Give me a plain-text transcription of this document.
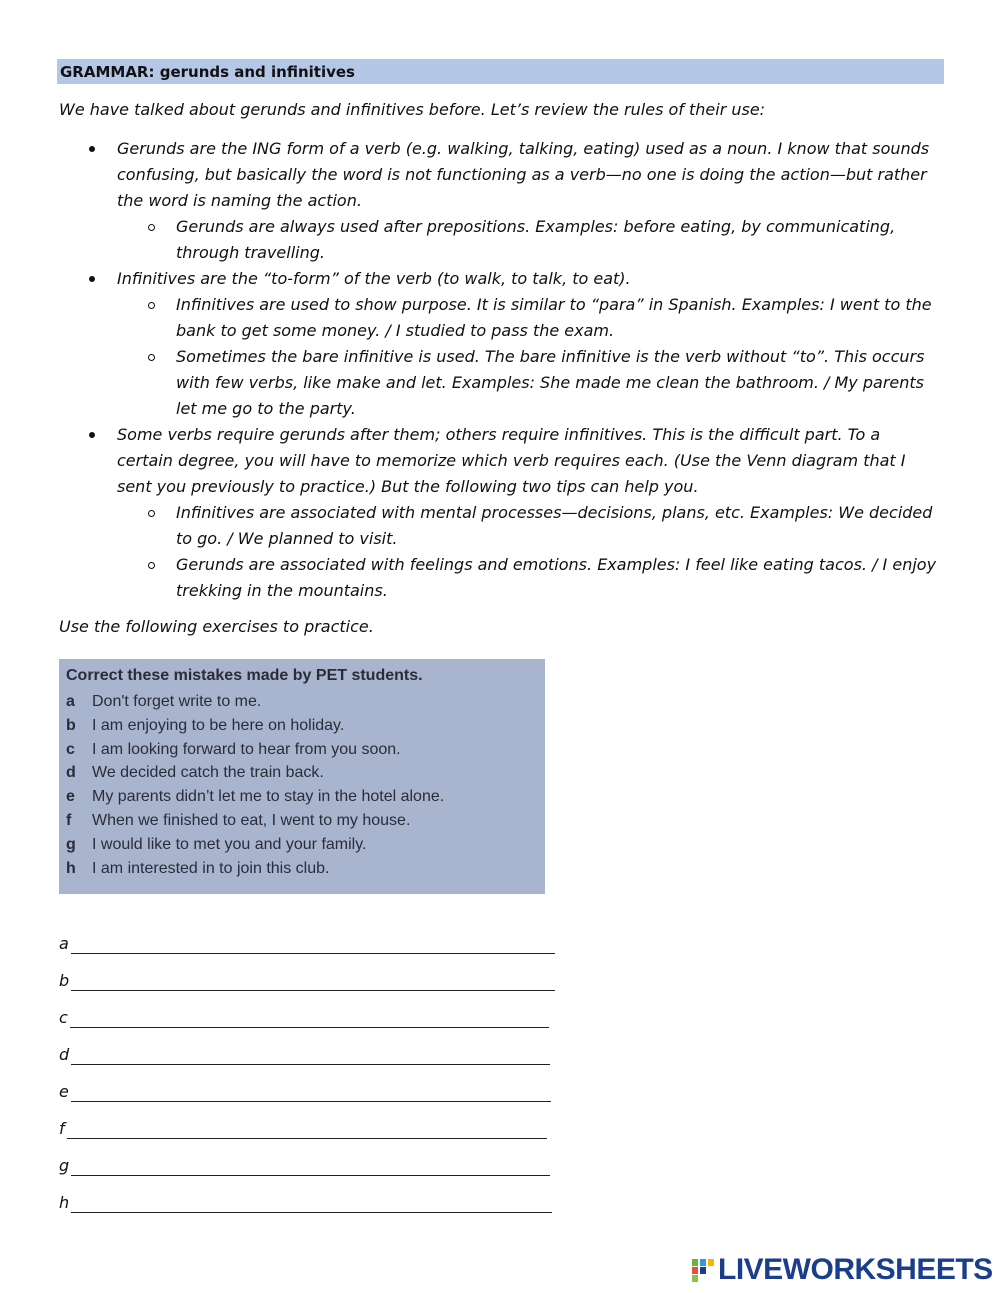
GRAMMAR: gerunds and infinitives
We have talked about gerunds and infinitives before. Let’s review the rules of their use:
Gerunds are the ING form of a verb (e.g. walking, talking, eating) used as a noun. I know that sounds confusing, but basically the word is not functioning as a verb—no one is doing the action—but rather the word is naming the action.
Gerunds are always used after prepositions. Examples: before eating, by communicating, through travelling.
Infinitives are the “to-form” of the verb (to walk, to talk, to eat).
Infinitives are used to show purpose. It is similar to “para” in Spanish. Examples: I went to the bank to get some money. / I studied to pass the exam.
Sometimes the bare infinitive is used. The bare infinitive is the verb without “to”. This occurs with few verbs, like make and let. Examples: She made me clean the bathroom. / My parents let me go to the party.
Some verbs require gerunds after them; others require infinitives. This is the difficult part. To a certain degree, you will have to memorize which verb requires each. (Use the Venn diagram that I sent you previously to practice.) But the following two tips can help you.
Infinitives are associated with mental processes—decisions, plans, etc. Examples: We decided to go. / We planned to visit.
Gerunds are associated with feelings and emotions. Examples: I feel like eating tacos. / I enjoy trekking in the mountains.
Use the following exercises to practice.
Correct these mistakes made by PET students.
a Don't forget write to me.
b I am enjoying to be here on holiday.
c I am looking forward to hear from you soon.
d We decided catch the train back.
e My parents didn’t let me to stay in the hotel alone.
f When we finished to eat, I went to my house.
g I would like to met you and your family.
h I am interested in to join this club.
a
b
c
d
e
f
g
h
LIVEWORKSHEETS
